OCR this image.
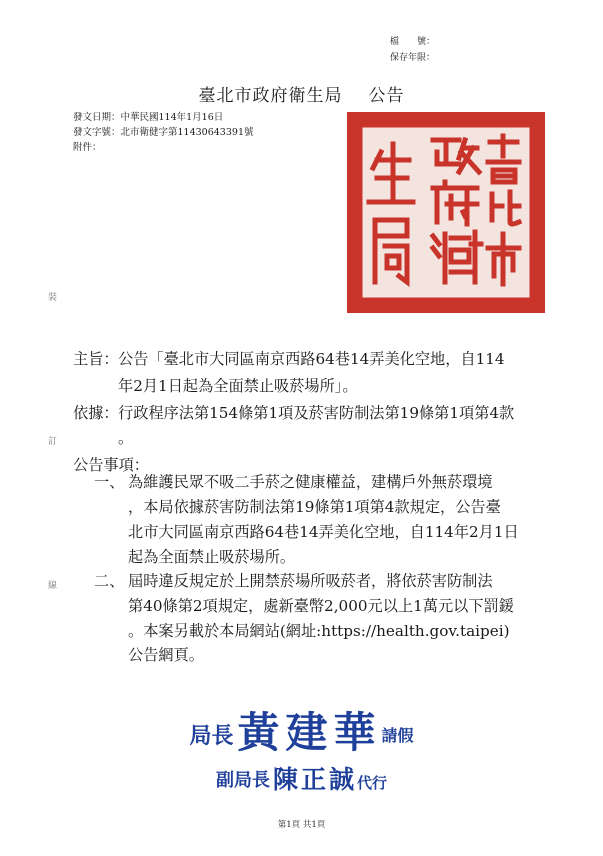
檔　　號：
保存年限：
臺北市政府衛生局 公告
發文日期：中華民國114年1月16日
發文字號：北市衛健字第11430643391號
附件：
裝
訂
線
主旨： 公告「臺北市大同區南京西路64巷14弄美化空地，自114
年2月1日起為全面禁止吸菸場所」。
依據： 行政程序法第154條第1項及菸害防制法第19條第1項第4款
。
公告事項：
一、 為維護民眾不吸二手菸之健康權益，建構戶外無菸環境
，本局依據菸害防制法第19條第1項第4款規定，公告臺
北市大同區南京西路64巷14弄美化空地，自114年2月1日
起為全面禁止吸菸場所。
二、 屆時違反規定於上開禁菸場所吸菸者，將依菸害防制法
第40條第2項規定，處新臺幣2,000元以上1萬元以下罰鍰
。本案另載於本局網站(網址:https://health.gov.taipei)
公告網頁。
局長黃建華請假
副局長 陳正誠代行
第1頁 共1頁
